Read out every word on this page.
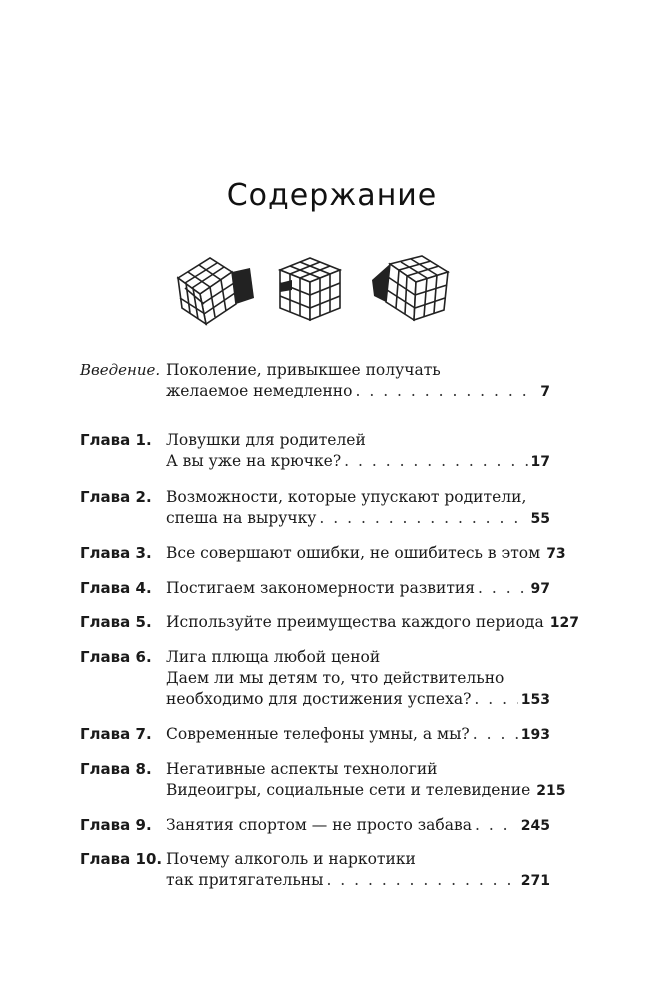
Содержание
Введение. Поколение, привыкшее получать
желаемое немедленно . . .	7
Глава 1. Ловушки для родителей
А вы уже на крючке? . . .	17
Глава 2. Возможности, которые упускают родители,
спеша на выручку . . .	55
Глава 3. Все совершают ошибки, не ошибитесь в этом 73
Глава 4. Постигаем закономерности развития . . .	97
Глава 5. Используйте преимущества каждого периода 127
Глава 6. Лига плюща любой ценой
Даем ли мы детям то, что действительно
необходимо для достижения успеха? . . .	153
Глава 7. Современные телефоны умны, а мы? . . .	193
Глава 8. Негативные аспекты технологий
Видеоигры, социальные сети и телевидение 215
Глава 9. Занятия спортом — не просто забава . . .	245
Глава 10. Почему алкоголь и наркотики
так притягательны . . .	271
